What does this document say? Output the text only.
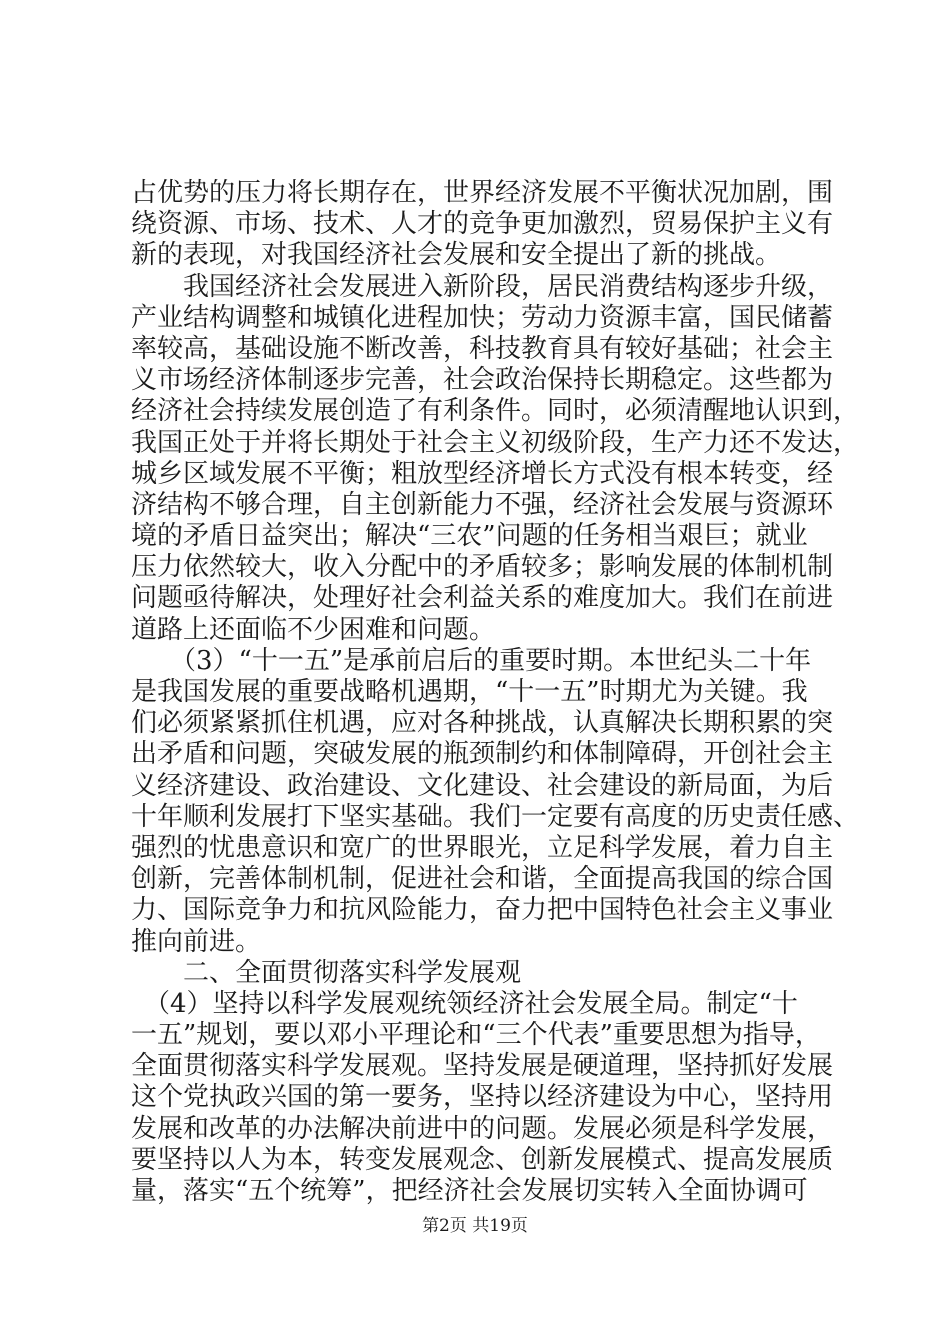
占优势的压力将长期存在，世界经济发展不平衡状况加剧，围
绕资源、市场、技术、人才的竞争更加激烈，贸易保护主义有
新的表现，对我国经济社会发展和安全提出了新的挑战。
　　我国经济社会发展进入新阶段，居民消费结构逐步升级，
产业结构调整和城镇化进程加快；劳动力资源丰富，国民储蓄
率较高，基础设施不断改善，科技教育具有较好基础；社会主
义市场经济体制逐步完善，社会政治保持长期稳定。这些都为
经济社会持续发展创造了有利条件。同时，必须清醒地认识到，
我国正处于并将长期处于社会主义初级阶段，生产力还不发达，
城乡区域发展不平衡；粗放型经济增长方式没有根本转变，经
济结构不够合理，自主创新能力不强，经济社会发展与资源环
境的矛盾日益突出；解决“三农”问题的任务相当艰巨；就业
压力依然较大，收入分配中的矛盾较多；影响发展的体制机制
问题亟待解决，处理好社会利益关系的难度加大。我们在前进
道路上还面临不少困难和问题。
　　（3）“十一五”是承前启后的重要时期。本世纪头二十年
是我国发展的重要战略机遇期，“十一五”时期尤为关键。我
们必须紧紧抓住机遇，应对各种挑战，认真解决长期积累的突
出矛盾和问题，突破发展的瓶颈制约和体制障碍，开创社会主
义经济建设、政治建设、文化建设、社会建设的新局面，为后
十年顺利发展打下坚实基础。我们一定要有高度的历史责任感、
强烈的忧患意识和宽广的世界眼光，立足科学发展，着力自主
创新，完善体制机制，促进社会和谐，全面提高我国的综合国
力、国际竞争力和抗风险能力，奋力把中国特色社会主义事业
推向前进。
　　二、全面贯彻落实科学发展观
　（4）坚持以科学发展观统领经济社会发展全局。制定“十
一五”规划，要以邓小平理论和“三个代表”重要思想为指导，
全面贯彻落实科学发展观。坚持发展是硬道理，坚持抓好发展
这个党执政兴国的第一要务，坚持以经济建设为中心，坚持用
发展和改革的办法解决前进中的问题。发展必须是科学发展，
要坚持以人为本，转变发展观念、创新发展模式、提高发展质
量，落实“五个统筹”，把经济社会发展切实转入全面协调可
第2页 共19页
